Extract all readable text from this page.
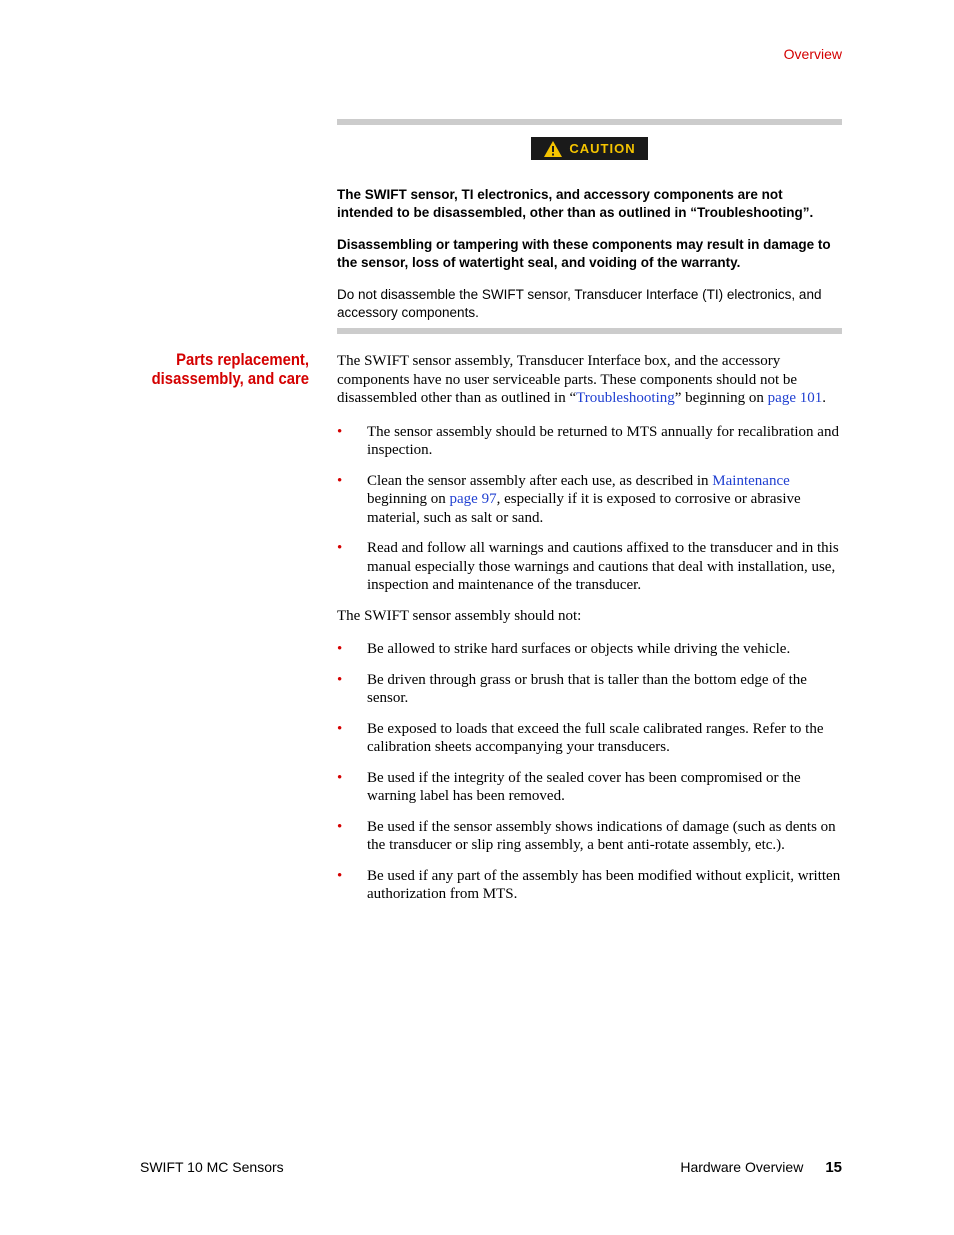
Overview
CAUTION

The SWIFT sensor, TI electronics, and accessory components are not intended to be disassembled, other than as outlined in “Troubleshooting”.

Disassembling or tampering with these components may result in damage to the sensor, loss of watertight seal, and voiding of the warranty.

Do not disassemble the SWIFT sensor, Transducer Interface (TI) electronics, and accessory components.

Parts replacement,
disassembly, and care

The SWIFT sensor assembly, Transducer Interface box, and the accessory components have no user serviceable parts. These components should not be disassembled other than as outlined in “Troubleshooting” beginning on page 101.

• The sensor assembly should be returned to MTS annually for recalibration and inspection.
• Clean the sensor assembly after each use, as described in Maintenance beginning on page 97, especially if it is exposed to corrosive or abrasive material, such as salt or sand.
• Read and follow all warnings and cautions affixed to the transducer and in this manual especially those warnings and cautions that deal with installation, use, inspection and maintenance of the transducer.

The SWIFT sensor assembly should not:

• Be allowed to strike hard surfaces or objects while driving the vehicle.
• Be driven through grass or brush that is taller than the bottom edge of the sensor.
• Be exposed to loads that exceed the full scale calibrated ranges. Refer to the calibration sheets accompanying your transducers.
• Be used if the integrity of the sealed cover has been compromised or the warning label has been removed.
• Be used if the sensor assembly shows indications of damage (such as dents on the transducer or slip ring assembly, a bent anti-rotate assembly, etc.).
• Be used if any part of the assembly has been modified without explicit, written authorization from MTS.
SWIFT 10 MC Sensors	Hardware Overview 15
